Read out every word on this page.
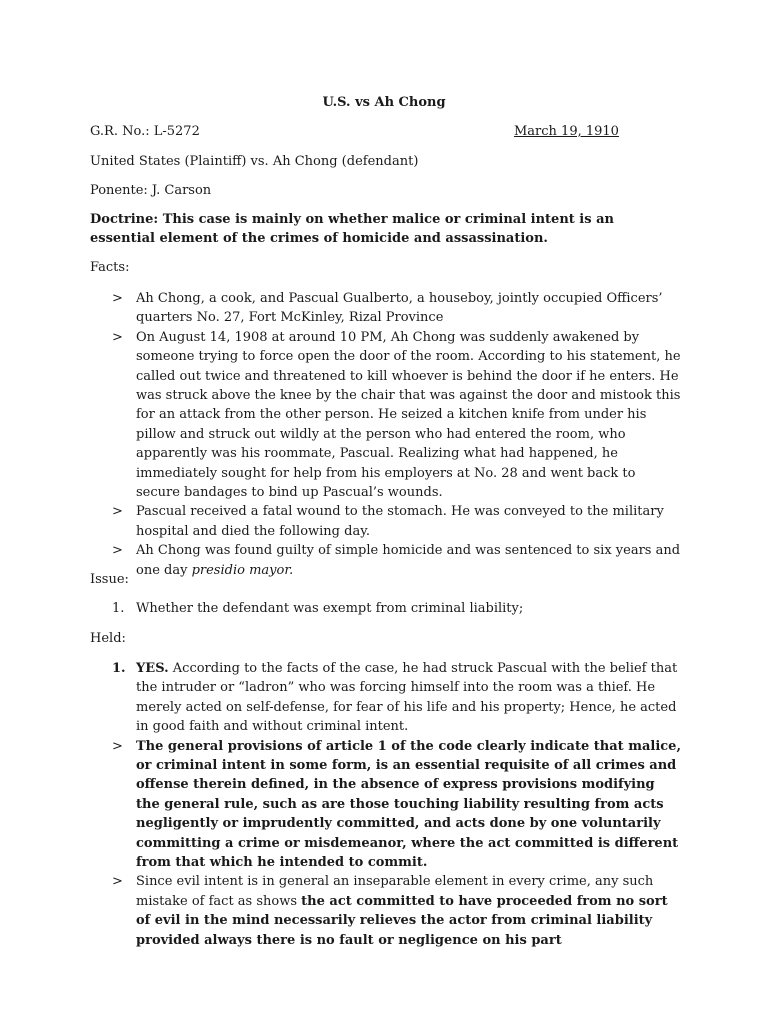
U.S. vs Ah Chong
G.R. No.: L-5272	March 19, 1910
United States (Plaintiff) vs. Ah Chong (defendant)
Ponente: J. Carson
Doctrine: This case is mainly on whether malice or criminal intent is an essential element of the crimes of homicide and assassination.
Facts:
> Ah Chong, a cook, and Pascual Gualberto, a houseboy, jointly occupied Officers’ quarters No. 27, Fort McKinley, Rizal Province
> On August 14, 1908 at around 10 PM, Ah Chong was suddenly awakened by someone trying to force open the door of the room. According to his statement, he called out twice and threatened to kill whoever is behind the door if he enters. He was struck above the knee by the chair that was against the door and mistook this for an attack from the other person. He seized a kitchen knife from under his pillow and struck out wildly at the person who had entered the room, who apparently was his roommate, Pascual. Realizing what had happened, he immediately sought for help from his employers at No. 28 and went back to secure bandages to bind up Pascual’s wounds.
> Pascual received a fatal wound to the stomach. He was conveyed to the military hospital and died the following day.
> Ah Chong was found guilty of simple homicide and was sentenced to six years and one day presidio mayor.
Issue:
1. Whether the defendant was exempt from criminal liability;
Held:
1. YES. According to the facts of the case, he had struck Pascual with the belief that the intruder or “ladron” who was forcing himself into the room was a thief. He merely acted on self-defense, for fear of his life and his property; Hence, he acted in good faith and without criminal intent.
> The general provisions of article 1 of the code clearly indicate that malice, or criminal intent in some form, is an essential requisite of all crimes and offense therein defined, in the absence of express provisions modifying the general rule, such as are those touching liability resulting from acts negligently or imprudently committed, and acts done by one voluntarily committing a crime or misdemeanor, where the act committed is different from that which he intended to commit.
> Since evil intent is in general an inseparable element in every crime, any such mistake of fact as shows the act committed to have proceeded from no sort of evil in the mind necessarily relieves the actor from criminal liability provided always there is no fault or negligence on his part
